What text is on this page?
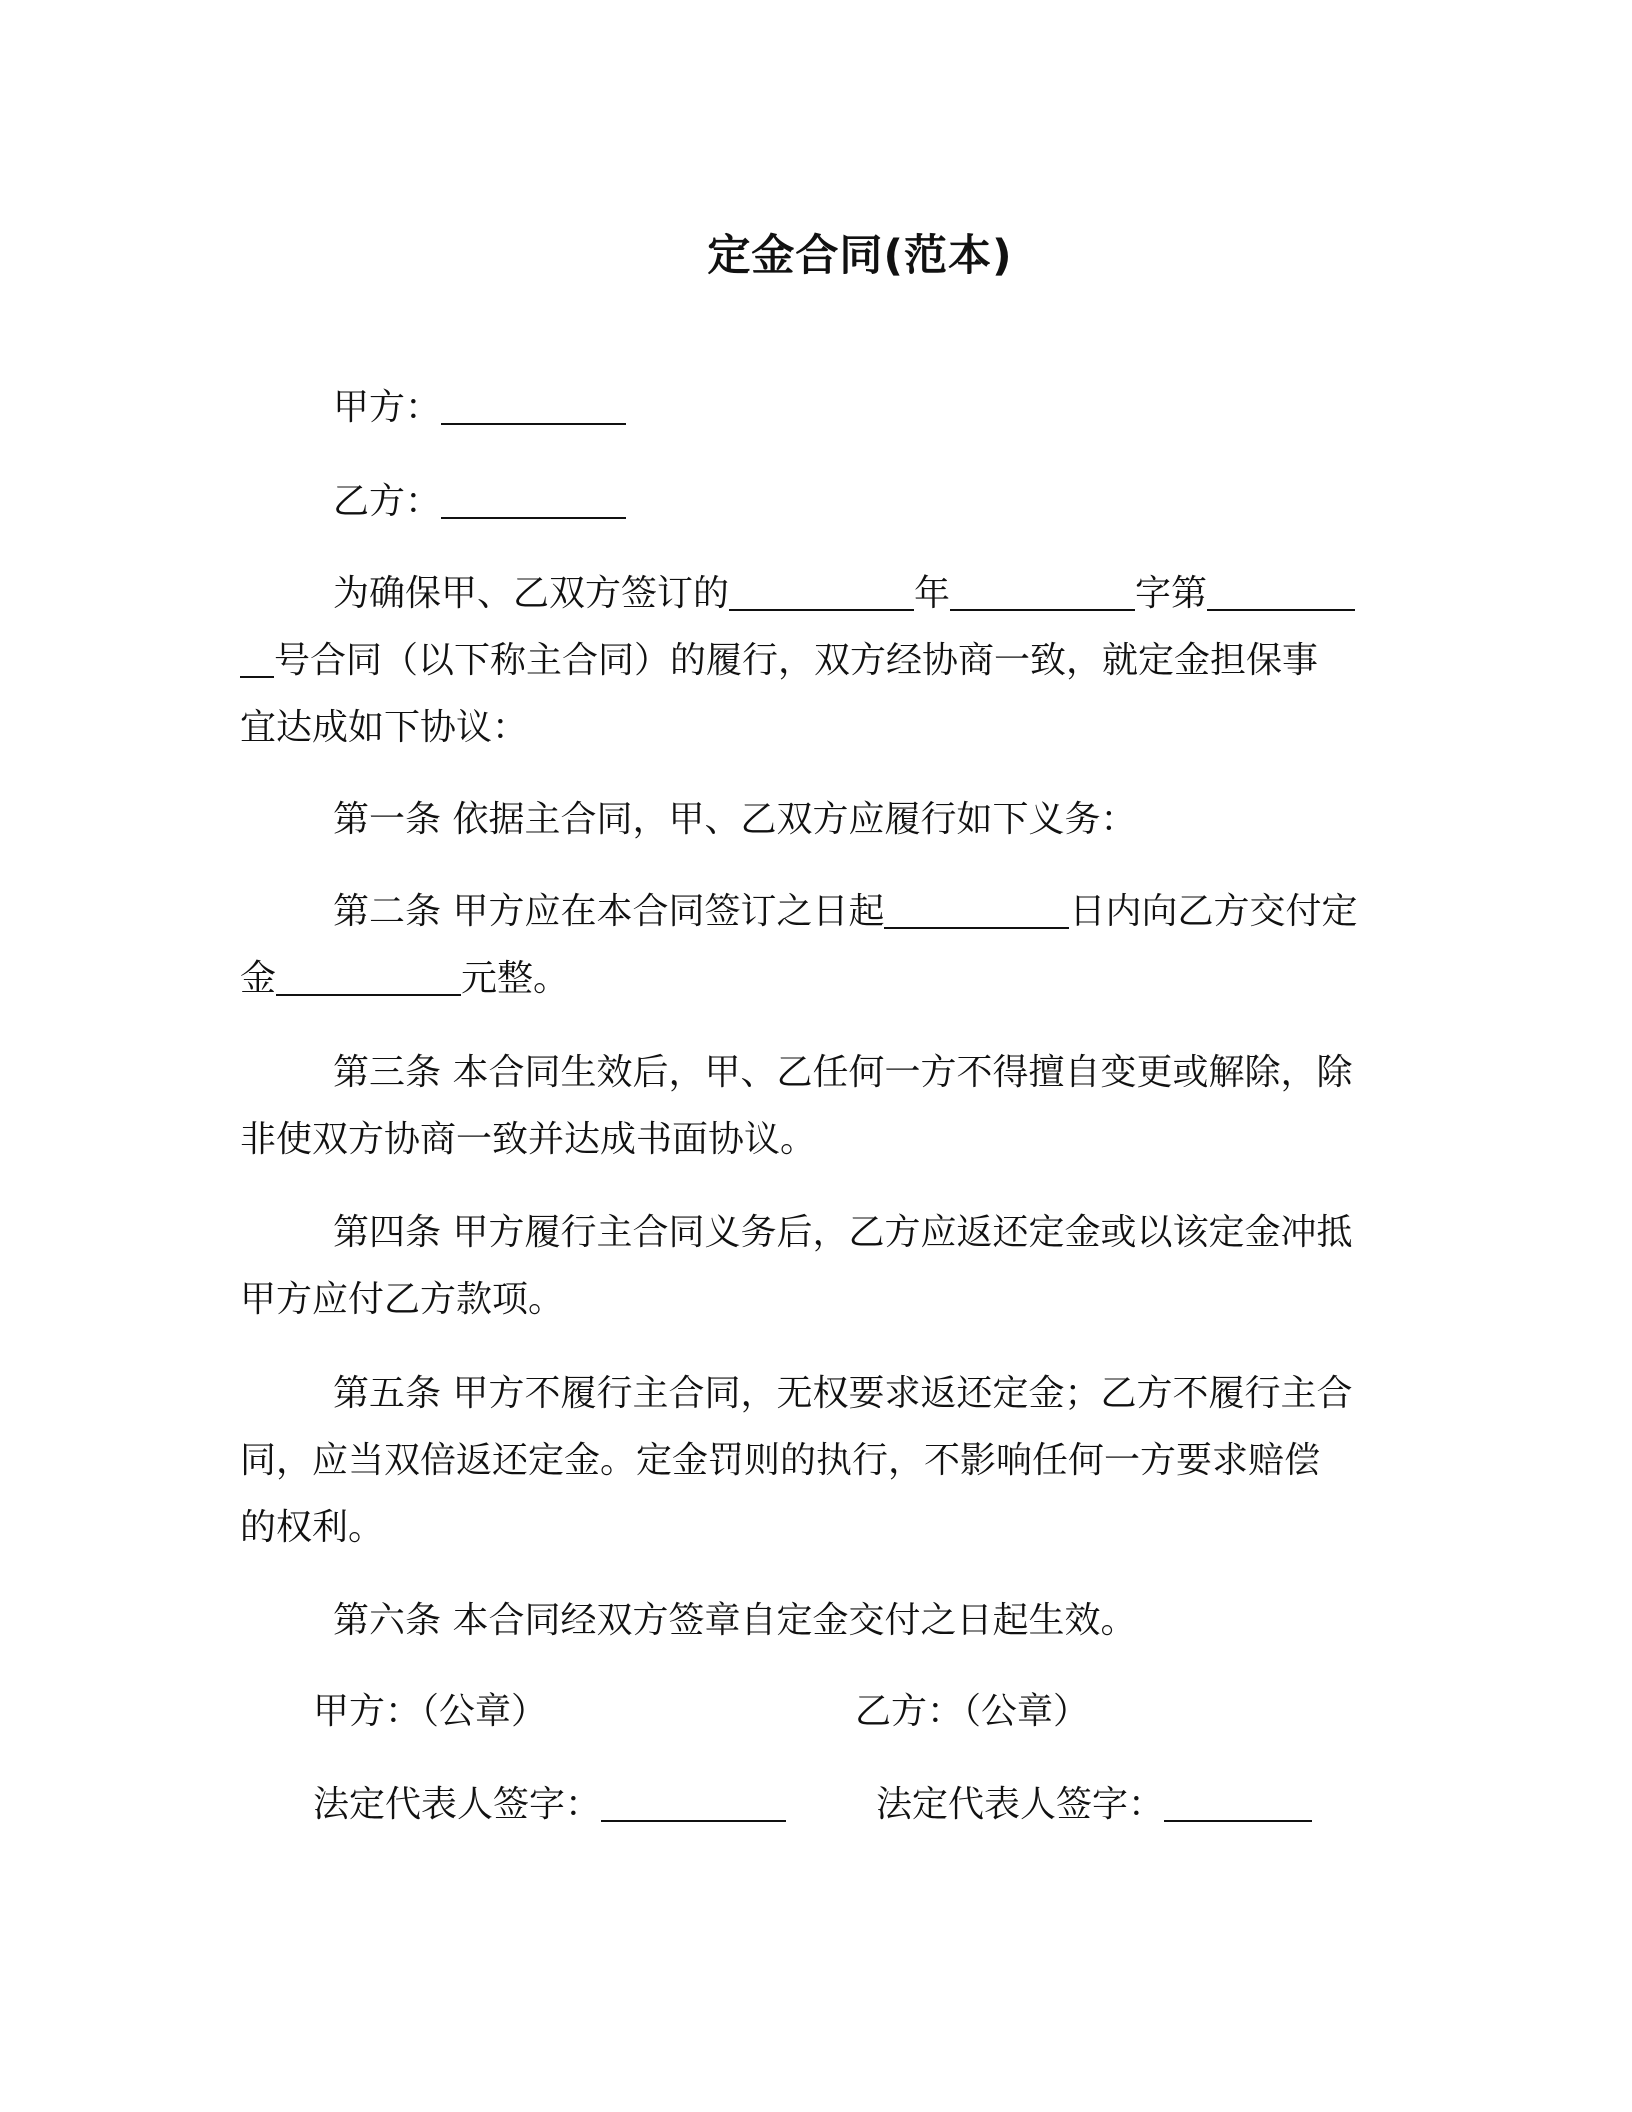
定金合同(范本)
甲方：
乙方：
为确保甲、乙双方签订的	年	字第
号合同（以下称主合同）的履行，双方经协商一致，就定金担保事
宜达成如下协议：
第一条 依据主合同，甲、乙双方应履行如下义务：
第二条 甲方应在本合同签订之日起	日内向乙方交付定
金	元整。
第三条 本合同生效后，甲、乙任何一方不得擅自变更或解除，除
非使双方协商一致并达成书面协议。
第四条 甲方履行主合同义务后，乙方应返还定金或以该定金冲抵
甲方应付乙方款项。
第五条 甲方不履行主合同，无权要求返还定金；乙方不履行主合
同，应当双倍返还定金。定金罚则的执行，不影响任何一方要求赔偿
的权利。
第六条 本合同经双方签章自定金交付之日起生效。
甲方：（公章）	乙方：（公章）
法定代表人签字：	法定代表人签字：
